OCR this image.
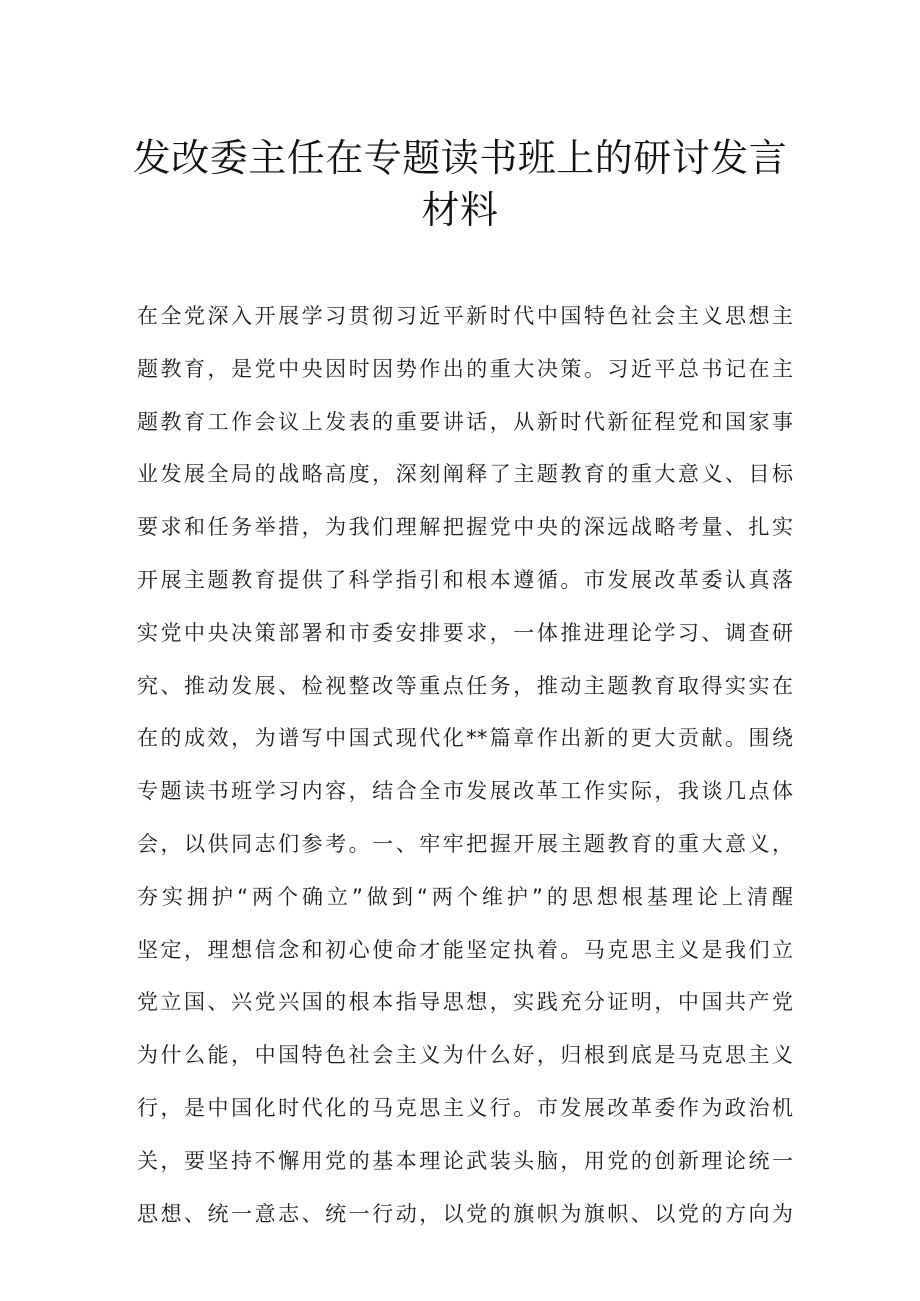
发改委主任在专题读书班上的研讨发言材料
在全党深入开展学习贯彻习近平新时代中国特色社会主义思想主
题教育，是党中央因时因势作出的重大决策。习近平总书记在主
题教育工作会议上发表的重要讲话，从新时代新征程党和国家事
业发展全局的战略高度，深刻阐释了主题教育的重大意义、目标
要求和任务举措，为我们理解把握党中央的深远战略考量、扎实
开展主题教育提供了科学指引和根本遵循。市发展改革委认真落
实党中央决策部署和市委安排要求，一体推进理论学习、调查研
究、推动发展、检视整改等重点任务，推动主题教育取得实实在
在的成效，为谱写中国式现代化**篇章作出新的更大贡献。围绕
专题读书班学习内容，结合全市发展改革工作实际，我谈几点体
会，以供同志们参考。一、牢牢把握开展主题教育的重大意义，
夯实拥护“两个确立”做到“两个维护”的思想根基理论上清醒
坚定，理想信念和初心使命才能坚定执着。马克思主义是我们立
党立国、兴党兴国的根本指导思想，实践充分证明，中国共产党
为什么能，中国特色社会主义为什么好，归根到底是马克思主义
行，是中国化时代化的马克思主义行。市发展改革委作为政治机
关，要坚持不懈用党的基本理论武装头脑，用党的创新理论统一
思想、统一意志、统一行动，以党的旗帜为旗帜、以党的方向为
